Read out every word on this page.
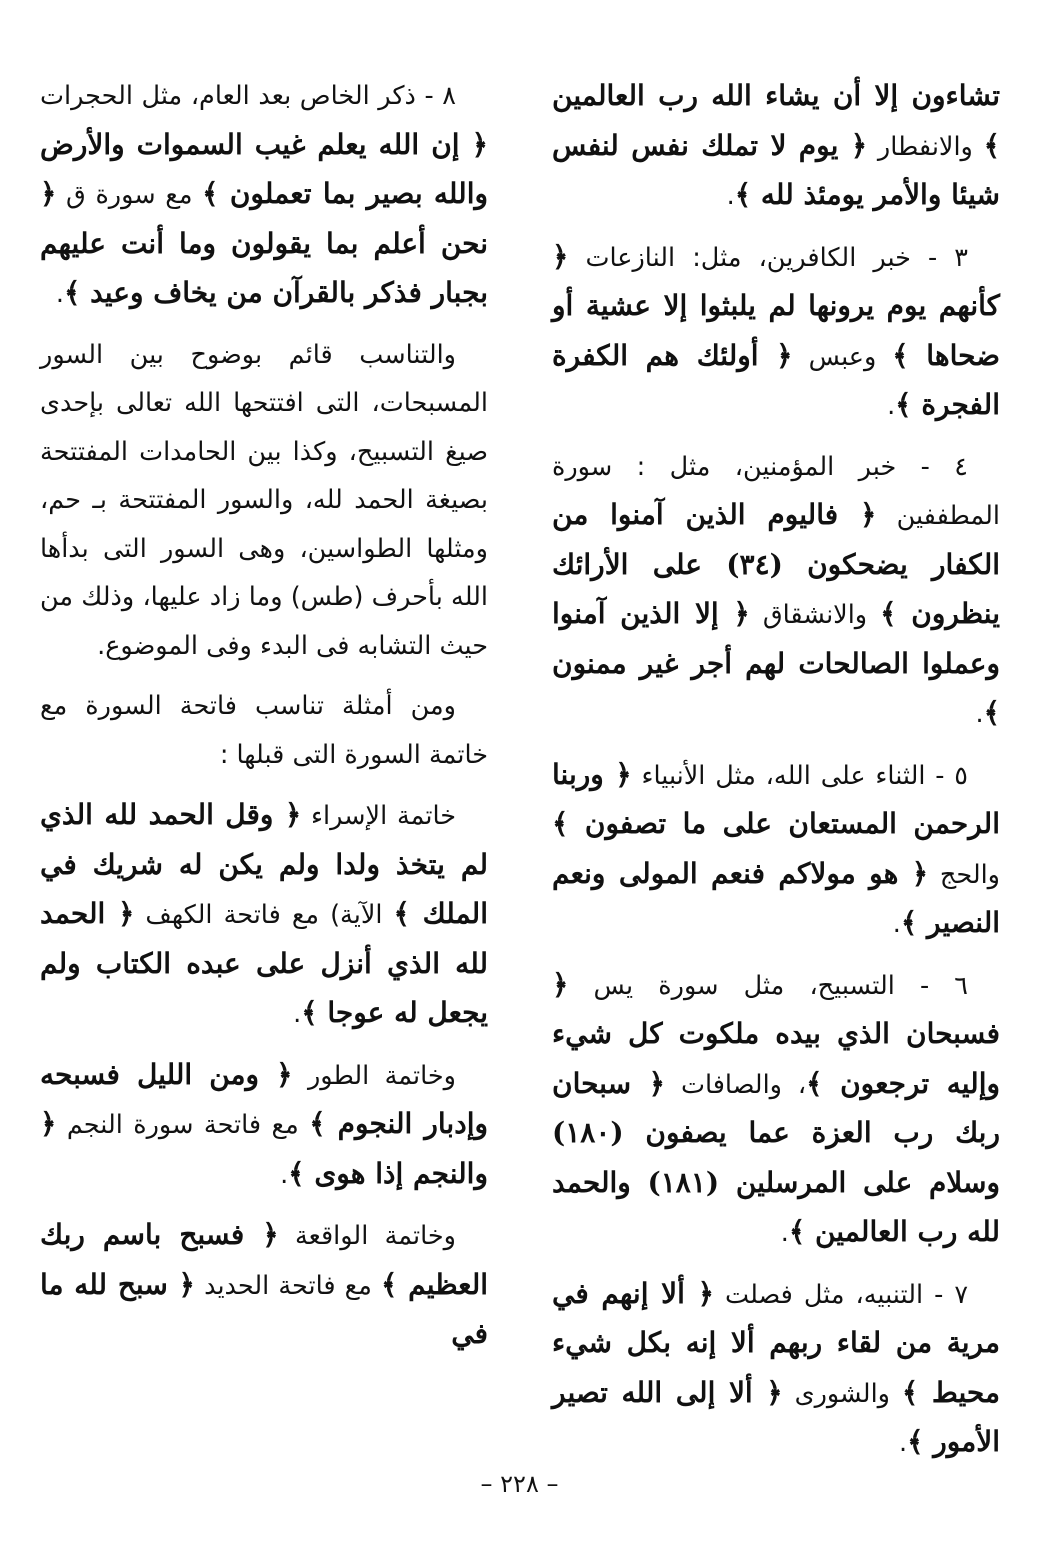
تشاءون إلا أن يشاء الله رب العالمين ﴾ والانفطار ﴿ يوم لا تملك نفس لنفس شيئا والأمر يومئذ لله ﴾.

٣ - خبر الكافرين، مثل: النازعات ﴿ كأنهم يوم يرونها لم يلبثوا إلا عشية أو ضحاها ﴾ وعبس ﴿ أولئك هم الكفرة الفجرة ﴾.

٤ - خبر المؤمنين، مثل : سورة المطففين ﴿ فاليوم الذين آمنوا من الكفار يضحكون (٣٤) على الأرائك ينظرون ﴾ والانشقاق ﴿ إلا الذين آمنوا وعملوا الصالحات لهم أجر غير ممنون ﴾.

٥ - الثناء على الله، مثل الأنبياء ﴿ وربنا الرحمن المستعان على ما تصفون ﴾ والحج ﴿ هو مولاكم فنعم المولى ونعم النصير ﴾.

٦ - التسبيح، مثل سورة يس ﴿ فسبحان الذي بيده ملكوت كل شيء وإليه ترجعون ﴾، والصافات ﴿ سبحان ربك رب العزة عما يصفون (١٨٠) وسلام على المرسلين (١٨١) والحمد لله رب العالمين ﴾.

٧ - التنبيه، مثل فصلت ﴿ ألا إنهم في مرية من لقاء ربهم ألا إنه بكل شيء محيط ﴾ والشورى ﴿ ألا إلى الله تصير الأمور ﴾.

٨ - ذكر الخاص بعد العام، مثل الحجرات ﴿ إن الله يعلم غيب السموات والأرض والله بصير بما تعملون ﴾ مع سورة ق ﴿ نحن أعلم بما يقولون وما أنت عليهم بجبار فذكر بالقرآن من يخاف وعيد ﴾.

والتناسب قائم بوضوح بين السور المسبحات، التى افتتحها الله تعالى بإحدى صيغ التسبيح، وكذا بين الحامدات المفتتحة بصيغة الحمد لله، والسور المفتتحة بـ حم، ومثلها الطواسين، وهى السور التى بدأها الله بأحرف (طس) وما زاد عليها، وذلك من حيث التشابه فى البدء وفى الموضوع.

ومن أمثلة تناسب فاتحة السورة مع خاتمة السورة التى قبلها :

خاتمة الإسراء ﴿ وقل الحمد لله الذي لم يتخذ ولدا ولم يكن له شريك في الملك ﴾ الآية) مع فاتحة الكهف ﴿ الحمد لله الذي أنزل على عبده الكتاب ولم يجعل له عوجا ﴾.

وخاتمة الطور ﴿ ومن الليل فسبحه وإدبار النجوم ﴾ مع فاتحة سورة النجم ﴿ والنجم إذا هوى ﴾.

وخاتمة الواقعة ﴿ فسبح باسم ربك العظيم ﴾ مع فاتحة الحديد ﴿ سبح لله ما في

– ٢٢٨ –
